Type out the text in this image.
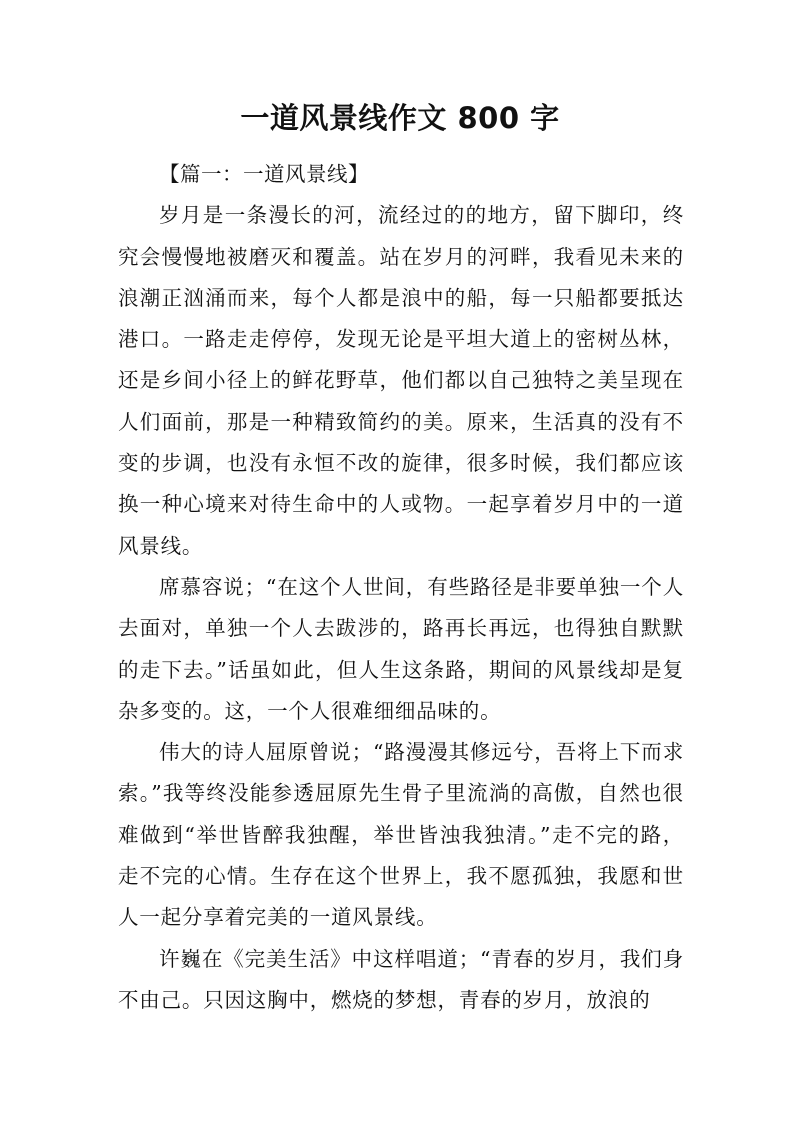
一道风景线作文 800 字

【篇一：一道风景线】

岁月是一条漫长的河，流经过的的地方，留下脚印，终究会慢慢地被磨灭和覆盖。站在岁月的河畔，我看见未来的浪潮正汹涌而来，每个人都是浪中的船，每一只船都要抵达港口。一路走走停停，发现无论是平坦大道上的密树丛林，还是乡间小径上的鲜花野草，他们都以自己独特之美呈现在人们面前，那是一种精致简约的美。原来，生活真的没有不变的步调，也没有永恒不改的旋律，很多时候，我们都应该换一种心境来对待生命中的人或物。一起享着岁月中的一道风景线。

席慕容说；“在这个人世间，有些路径是非要单独一个人去面对，单独一个人去跋涉的，路再长再远，也得独自默默的走下去。”话虽如此，但人生这条路，期间的风景线却是复杂多变的。这，一个人很难细细品味的。

伟大的诗人屈原曾说；“路漫漫其修远兮，吾将上下而求索。”我等终没能参透屈原先生骨子里流淌的高傲，自然也很难做到“举世皆醉我独醒，举世皆浊我独清。”走不完的路，走不完的心情。生存在这个世界上，我不愿孤独，我愿和世人一起分享着完美的一道风景线。

许巍在《完美生活》中这样唱道；“青春的岁月，我们身不由己。只因这胸中，燃烧的梦想，青春的岁月，放浪的
